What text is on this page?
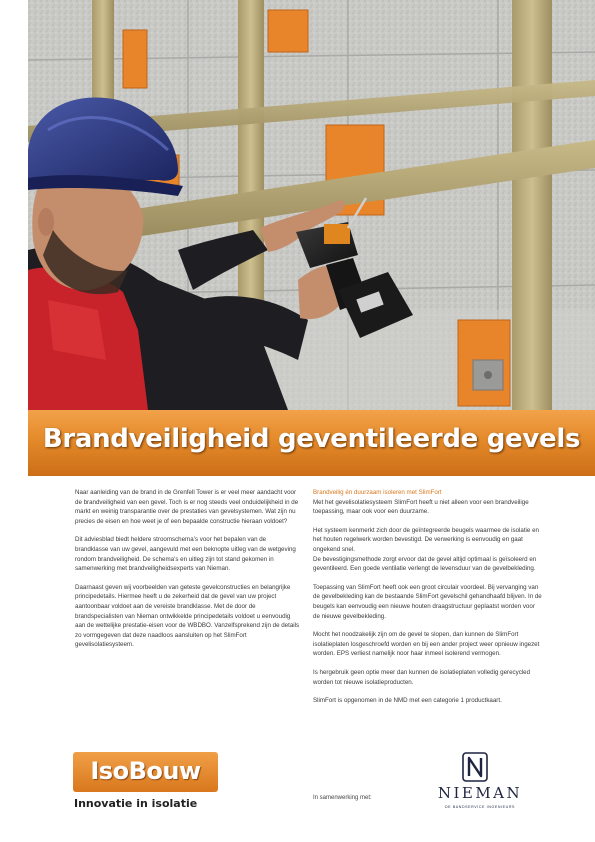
Brandveiligheid geventileerde gevels

Naar aanleiding van de brand in de Grenfell Tower is er veel meer aandacht voor de brandveiligheid van een gevel. Toch is er nog steeds veel onduidelijkheid in de markt en weinig transparantie over de prestaties van gevelsystemen. Wat zijn nu precies de eisen en hoe weet je of een bepaalde constructie hieraan voldoet?

Dit adviesblad biedt heldere stroomschema’s voor het bepalen van de brandklasse van uw gevel, aangevuld met een beknopte uitleg van de wetgeving rondom brandveiligheid. De schema’s en uitleg zijn tot stand gekomen in samenwerking met brandveiligheidsexperts van Nieman.

Daarnaast geven wij voorbeelden van geteste gevelconstructies en belangrijke principedetails. Hiermee heeft u de zekerheid dat de gevel van uw project aantoonbaar voldoet aan de vereiste brandklasse. Met de door de brandspecialisten van Nieman ontwikkelde principedetails voldoet u eenvoudig aan de wettelijke prestatie-eisen voor de WBDBO. Vanzelfsprekend zijn de details zo vormgegeven dat deze naadloos aansluiten op het SlimFort gevelisolatiesysteem.

Brandveilig én duurzaam isoleren met SlimFort

Met het gevelisolatiesysteem SlimFort heeft u niet alleen voor een brandveilige toepassing, maar ook voor een duurzame.

Het systeem kenmerkt zich door de geïntegreerde beugels waarmee de isolatie en het houten regelwerk worden bevestigd. De verwerking is eenvoudig en gaat ongekend snel.

De bevestigingsmethode zorgt ervoor dat de gevel altijd optimaal is geïsoleerd en geventileerd. Een goede ventilatie verlengt de levensduur van de gevelbekleding.

Toepassing van SlimFort heeft ook een groot circulair voordeel. Bij vervanging van de gevelbekleding kan de bestaande SlimFort gevelschil gehandhaafd blijven. In de beugels kan eenvoudig een nieuwe houten draagstructuur geplaatst worden voor de nieuwe gevelbekleding.

Mocht het noodzakelijk zijn om de gevel te slopen, dan kunnen de SlimFort isolatieplaten losgeschroefd worden en bij een ander project weer opnieuw ingezet worden. EPS verliest namelijk noor haar inmeel isolerend vermogen.

Is hergebruik geen optie meer dan kunnen de isolatieplaten volledig gerecycled worden tot nieuwe isolatieproducten.

SlimFort is opgenomen in de NMD met een categorie 1 productkaart.

IsoBouw
Innovatie in isolatie	In samenwerking met:	NIEMAN
DE BANDSERVICE INGENIEURS
